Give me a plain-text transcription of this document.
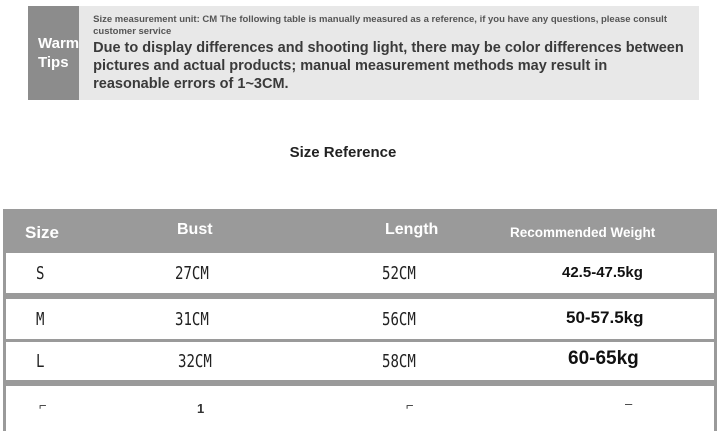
Warm
Tips
Size measurement unit: CM The following table is manually measured as a reference, if you have any questions, please consult customer service
Due to display differences and shooting light, there may be color differences between pictures and actual products; manual measurement methods may result in reasonable errors of 1~3CM.
Size Reference
Size	Bust	Length	Recommended Weight
S	27CM	52CM	42.5-47.5kg
M	31CM	56CM	50-57.5kg
L	32CM	58CM	60-65kg
⌐	1	⌐	–
